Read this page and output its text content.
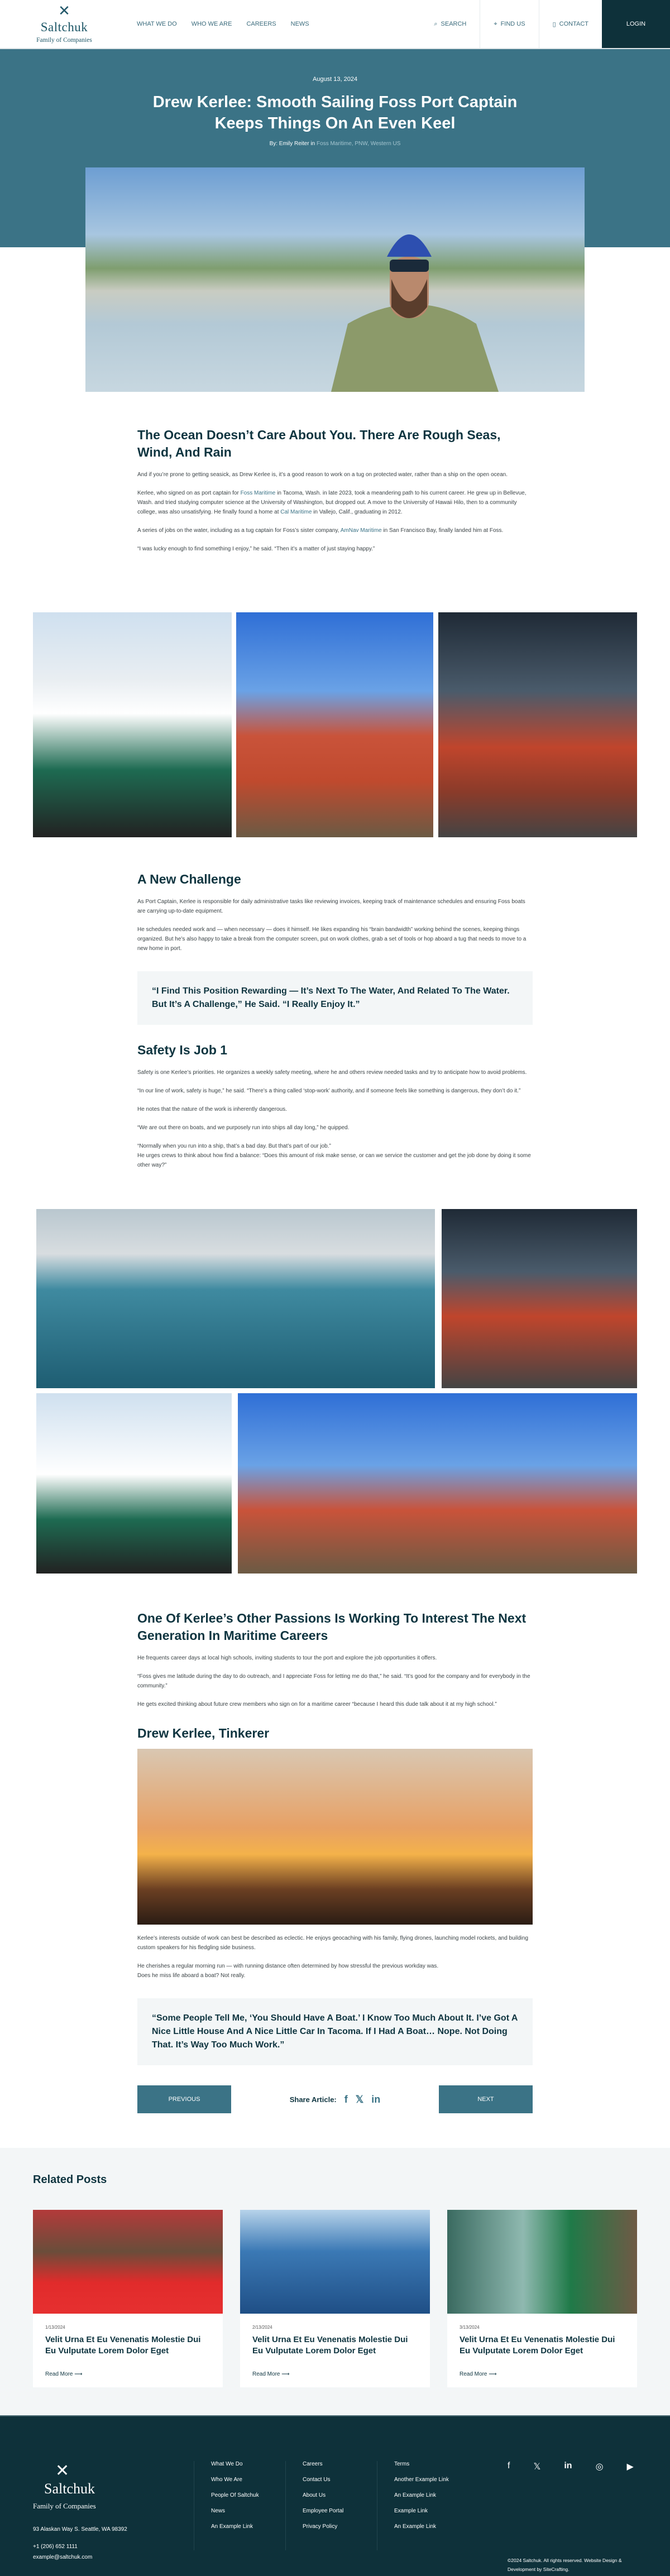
✕
Saltchuk
Family of Companies
WHAT WE DO WHO WE ARE CAREERS NEWS	⌕ SEARCH	⌖ FIND US	▯ CONTACT	LOGIN
August 13, 2024
Drew Kerlee: Smooth Sailing Foss Port Captain Keeps Things On An Even Keel
By: Emily Reiter in Foss Maritime, PNW, Western US
The Ocean Doesn’t Care About You. There Are Rough Seas, Wind, And Rain

And if you’re prone to getting seasick, as Drew Kerlee is, it’s a good reason to work on a tug on protected water, rather than a ship on the open ocean.

Kerlee, who signed on as port captain for Foss Maritime in Tacoma, Wash. in late 2023, took a meandering path to his current career. He grew up in Bellevue, Wash. and tried studying computer science at the University of Washington, but dropped out. A move to the University of Hawaii Hilo, then to a community college, was also unsatisfying. He finally found a home at Cal Maritime in Vallejo, Calif., graduating in 2012.

A series of jobs on the water, including as a tug captain for Foss’s sister company, AmNav Maritime in San Francisco Bay, finally landed him at Foss.

“I was lucky enough to find something I enjoy,” he said. “Then it’s a matter of just staying happy.”

A New Challenge

As Port Captain, Kerlee is responsible for daily administrative tasks like reviewing invoices, keeping track of maintenance schedules and ensuring Foss boats are carrying up-to-date equipment.

He schedules needed work and — when necessary — does it himself. He likes expanding his “brain bandwidth” working behind the scenes, keeping things organized. But he’s also happy to take a break from the computer screen, put on work clothes, grab a set of tools or hop aboard a tug that needs to move to a new home in port.

“I Find This Position Rewarding — It’s Next To The Water, And Related To The Water. But It’s A Challenge,” He Said. “I Really Enjoy It.”
Safety Is Job 1

Safety is one Kerlee’s priorities. He organizes a weekly safety meeting, where he and others review needed tasks and try to anticipate how to avoid problems.

“In our line of work, safety is huge,” he said. “There’s a thing called ‘stop-work’ authority, and if someone feels like something is dangerous, they don’t do it.”

He notes that the nature of the work is inherently dangerous.

“We are out there on boats, and we purposely run into ships all day long,” he quipped.

“Normally when you run into a ship, that’s a bad day. But that’s part of our job.”
He urges crews to think about how find a balance: “Does this amount of risk make sense, or can we service the customer and get the job done by doing it some other way?”

One Of Kerlee’s Other Passions Is Working To Interest The Next Generation In Maritime Careers

He frequents career days at local high schools, inviting students to tour the port and explore the job opportunities it offers.

“Foss gives me latitude during the day to do outreach, and I appreciate Foss for letting me do that,” he said. “It’s good for the company and for everybody in the community.”

He gets excited thinking about future crew members who sign on for a maritime career “because I heard this dude talk about it at my high school.”

Drew Kerlee, Tinkerer

Kerlee’s interests outside of work can best be described as eclectic. He enjoys geocaching with his family, flying drones, launching model rockets, and building custom speakers for his fledgling side business.

He cherishes a regular morning run — with running distance often determined by how stressful the previous workday was.
Does he miss life aboard a boat? Not really.

“Some People Tell Me, ‘You Should Have A Boat.’ I Know Too Much About It. I’ve Got A Nice Little House And A Nice Little Car In Tacoma. If I Had A Boat… Nope. Not Doing That. It’s Way Too Much Work.”
PREVIOUS	Share Article: f 𝕏 in	NEXT
Related Posts
1/13/2024
Velit Urna Et Eu Venenatis Molestie Dui Eu Vulputate Lorem Dolor Eget
Read More ⟶
2/13/2024
Velit Urna Et Eu Venenatis Molestie Dui Eu Vulputate Lorem Dolor Eget
Read More ⟶
3/13/2024
Velit Urna Et Eu Venenatis Molestie Dui Eu Vulputate Lorem Dolor Eget
Read More ⟶
✕
Saltchuk
Family of Companies
93 Alaskan Way S. Seattle, WA 98392
+1 (206) 652 1111
example@saltchuk.com
What We Do
Who We Are
People Of Saltchuk
News
An Example Link
Careers
Contact Us
About Us
Employee Portal
Privacy Policy
Terms
Another Example Link
An Example Link
Example Link
An Example Link
f	𝕏	in	◎	▶
©2024 Saltchuk. All rights reserved. Website Design & Development by SiteCrafting.
